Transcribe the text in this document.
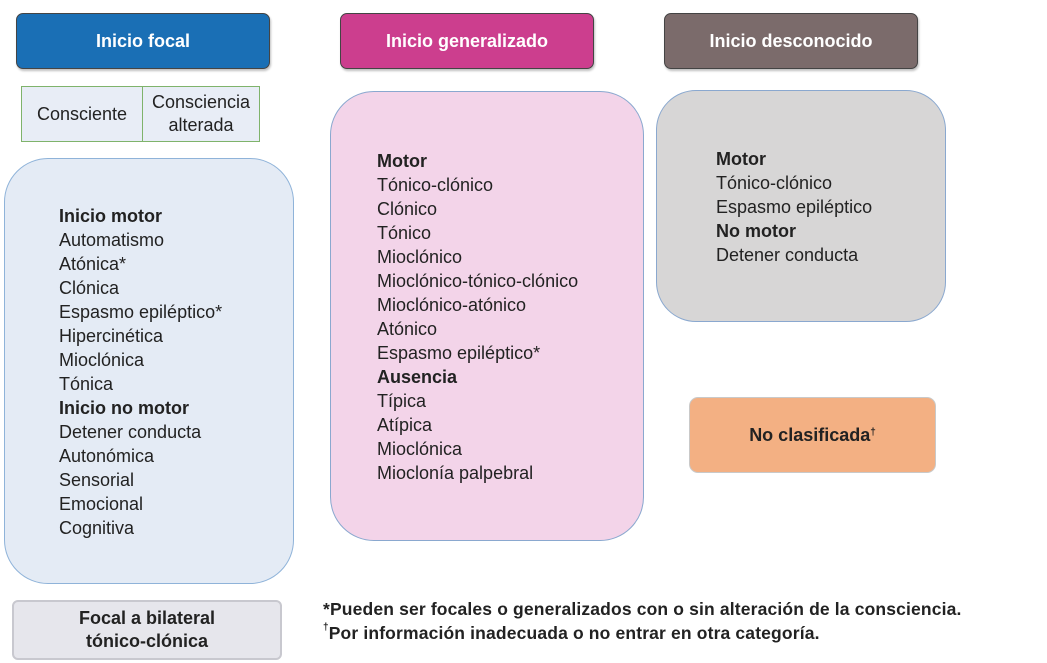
Inicio focal	Inicio generalizado	Inicio desconocido
Consciente
Consciencia
alterada
Inicio motor
Automatismo
Atónica*
Clónica
Espasmo epiléptico*
Hipercinética
Mioclónica
Tónica
Inicio no motor
Detener conducta
Autonómica
Sensorial
Emocional
Cognitiva
Motor
Tónico-clónico
Clónico
Tónico
Mioclónico
Mioclónico-tónico-clónico
Mioclónico-atónico
Atónico
Espasmo epiléptico*
Ausencia
Típica
Atípica
Mioclónica
Mioclonía palpebral
Motor
Tónico-clónico
Espasmo epiléptico
No motor
Detener conducta
No clasificada†
Focal a bilateral
tónico-clónica
*Pueden ser focales o generalizados con o sin alteración de la consciencia.
†Por información inadecuada o no entrar en otra categoría.
